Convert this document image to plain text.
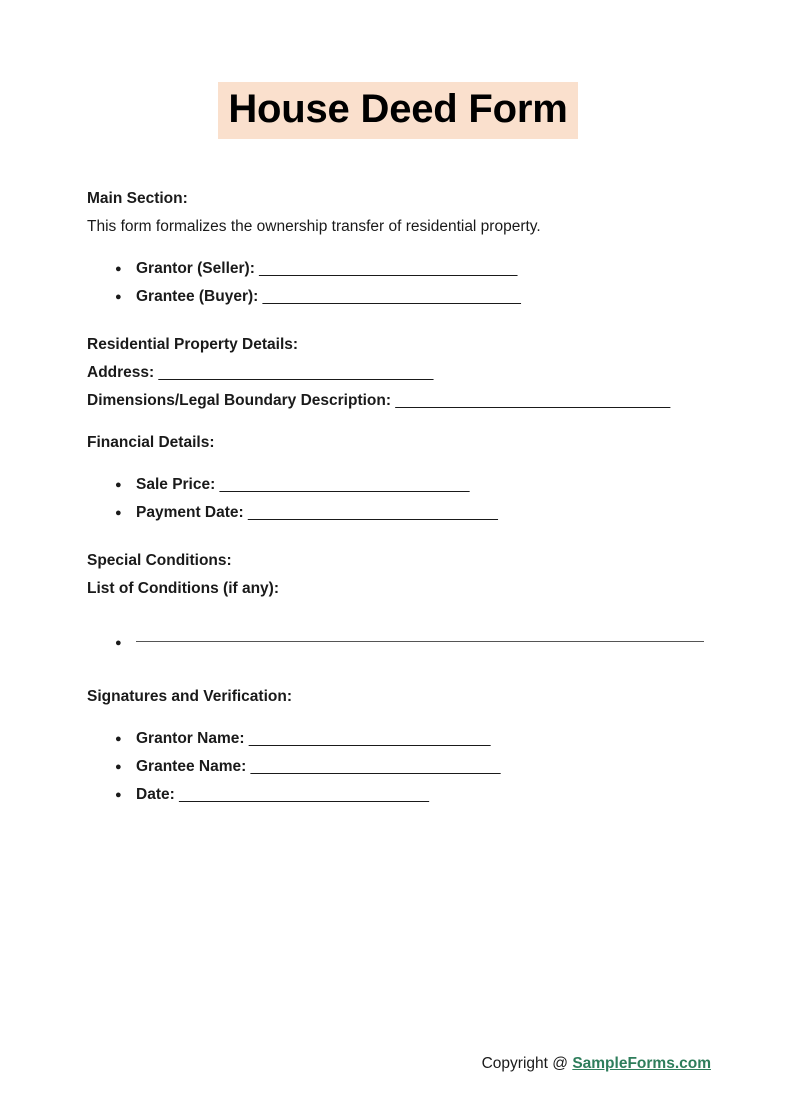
House Deed Form

Main Section:

This form formalizes the ownership transfer of residential property.

● Grantor (Seller): _______________________________
● Grantee (Buyer): _______________________________

Residential Property Details:

Address: _________________________________

Dimensions/Legal Boundary Description: _________________________________

Financial Details:

● Sale Price: ______________________________
● Payment Date: ______________________________

Special Conditions:

List of Conditions (if any):

●

Signatures and Verification:

● Grantor Name: _____________________________
● Grantee Name: ______________________________
● Date: ______________________________
Copyright @ SampleForms.com
